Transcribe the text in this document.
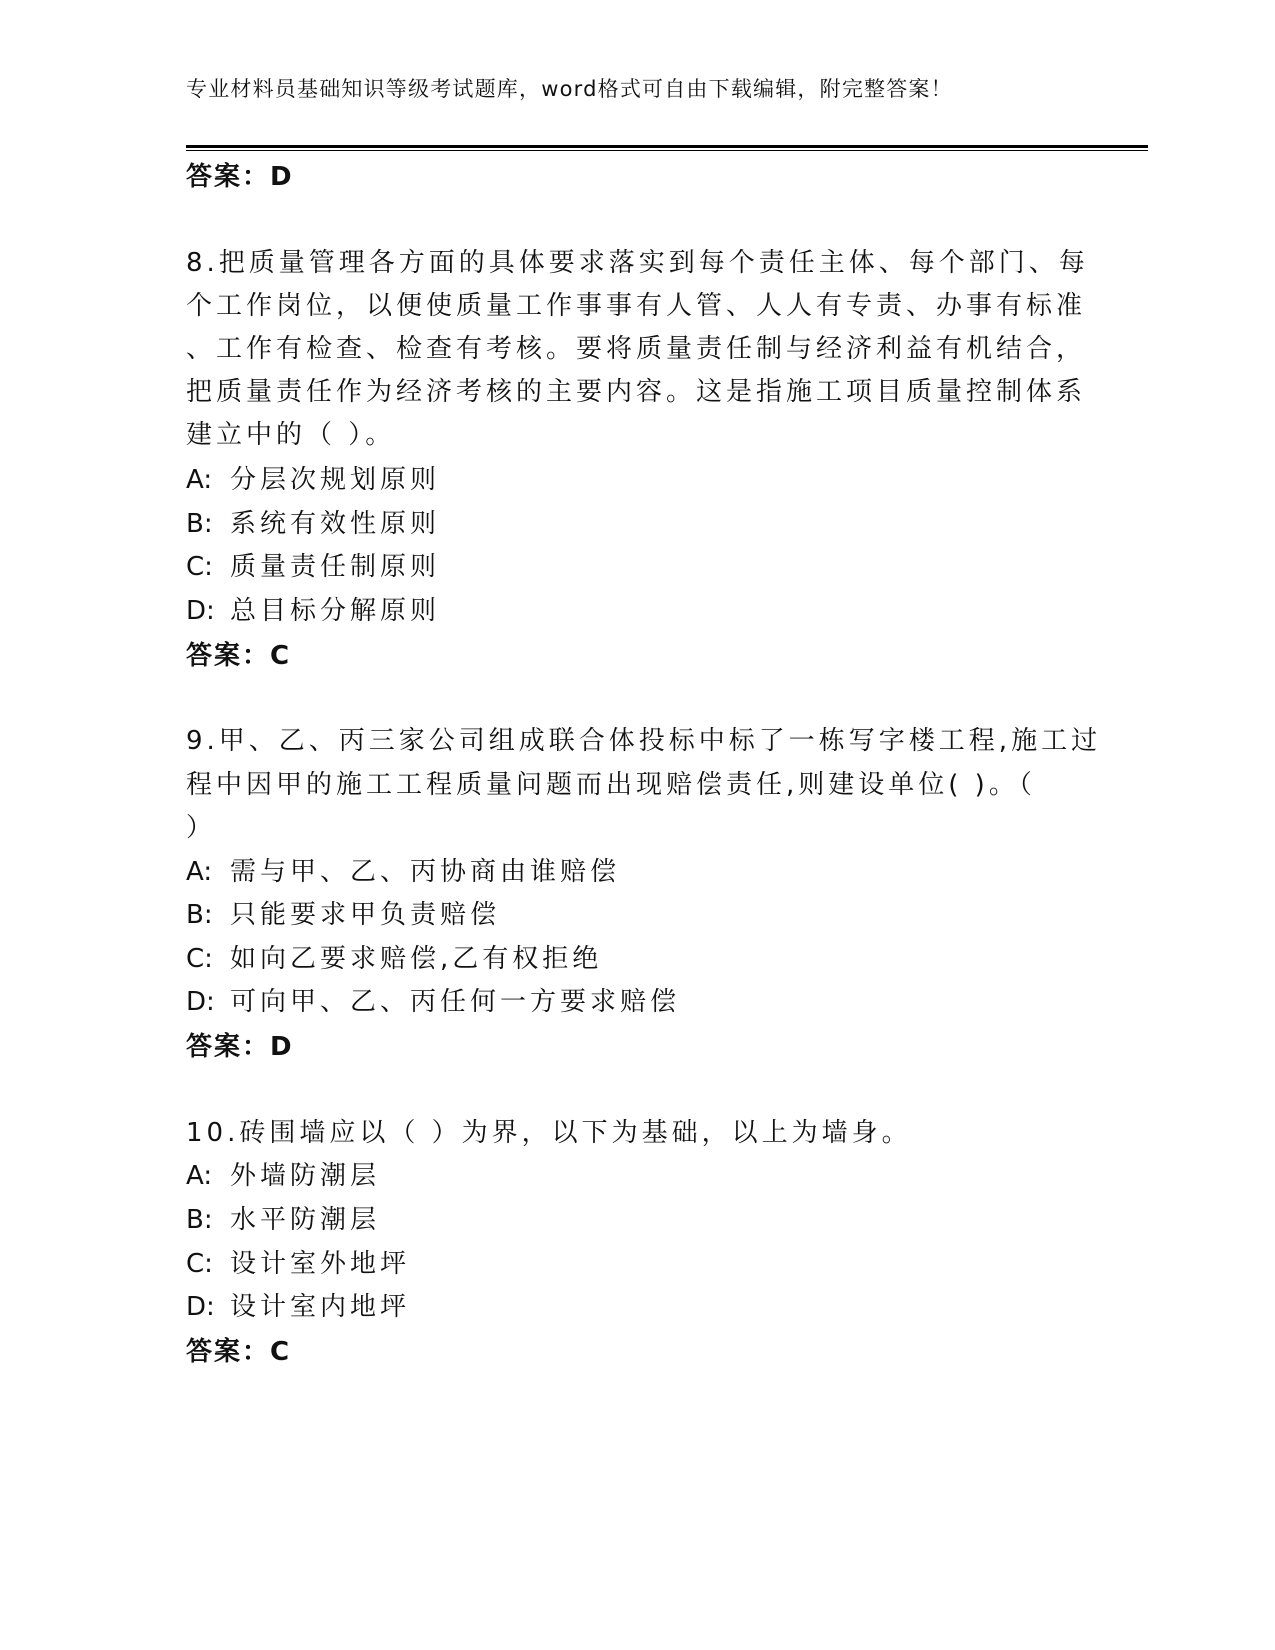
专业材料员基础知识等级考试题库，word格式可自由下载编辑，附完整答案！
答案：D
8.把质量管理各方面的具体要求落实到每个责任主体、每个部门、每
个工作岗位，以便使质量工作事事有人管、人人有专责、办事有标准
、工作有检查、检查有考核。要将质量责任制与经济利益有机结合，
把质量责任作为经济考核的主要内容。这是指施工项目质量控制体系
建立中的（ ）。
A: 分层次规划原则
B: 系统有效性原则
C: 质量责任制原则
D: 总目标分解原则
答案：C
9.甲、乙、丙三家公司组成联合体投标中标了一栋写字楼工程,施工过
程中因甲的施工工程质量问题而出现赔偿责任,则建设单位( )。（
）
A: 需与甲、乙、丙协商由谁赔偿
B: 只能要求甲负责赔偿
C: 如向乙要求赔偿,乙有权拒绝
D: 可向甲、乙、丙任何一方要求赔偿
答案：D
10.砖围墙应以（ ）为界，以下为基础，以上为墙身。
A: 外墙防潮层
B: 水平防潮层
C: 设计室外地坪
D: 设计室内地坪
答案：C
